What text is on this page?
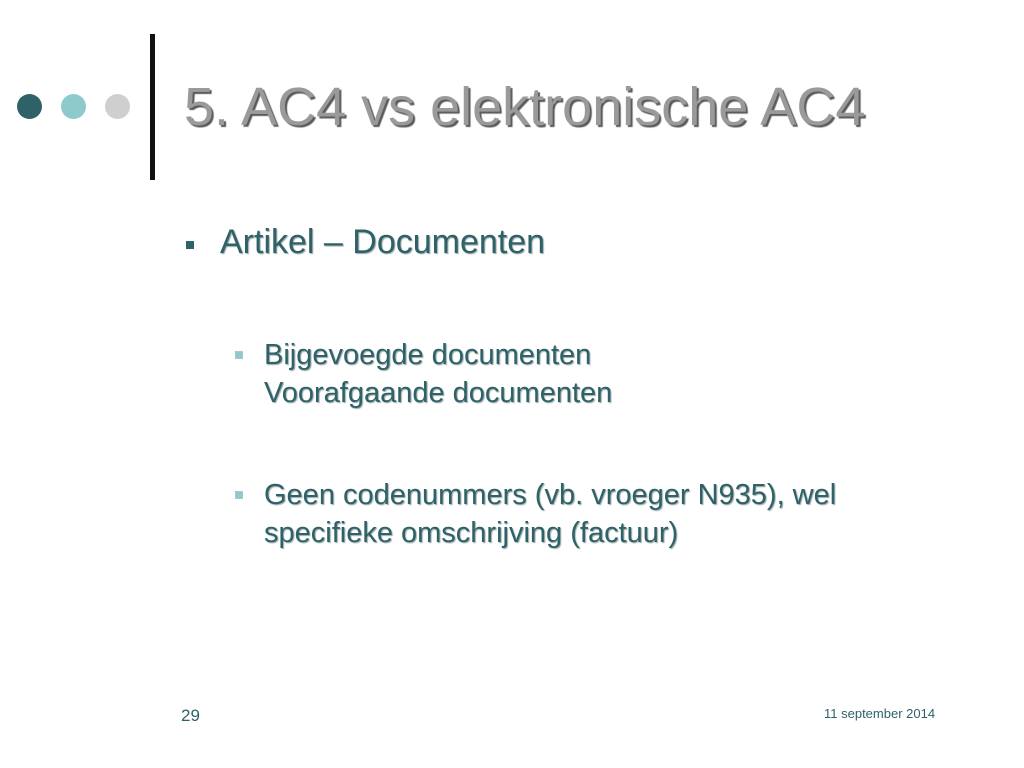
5. AC4 vs elektronische AC4
Artikel – Documenten
Bijgevoegde documenten
Voorafgaande documenten
Geen codenummers (vb. vroeger N935), wel
specifieke omschrijving (factuur)
29	11 september 2014
